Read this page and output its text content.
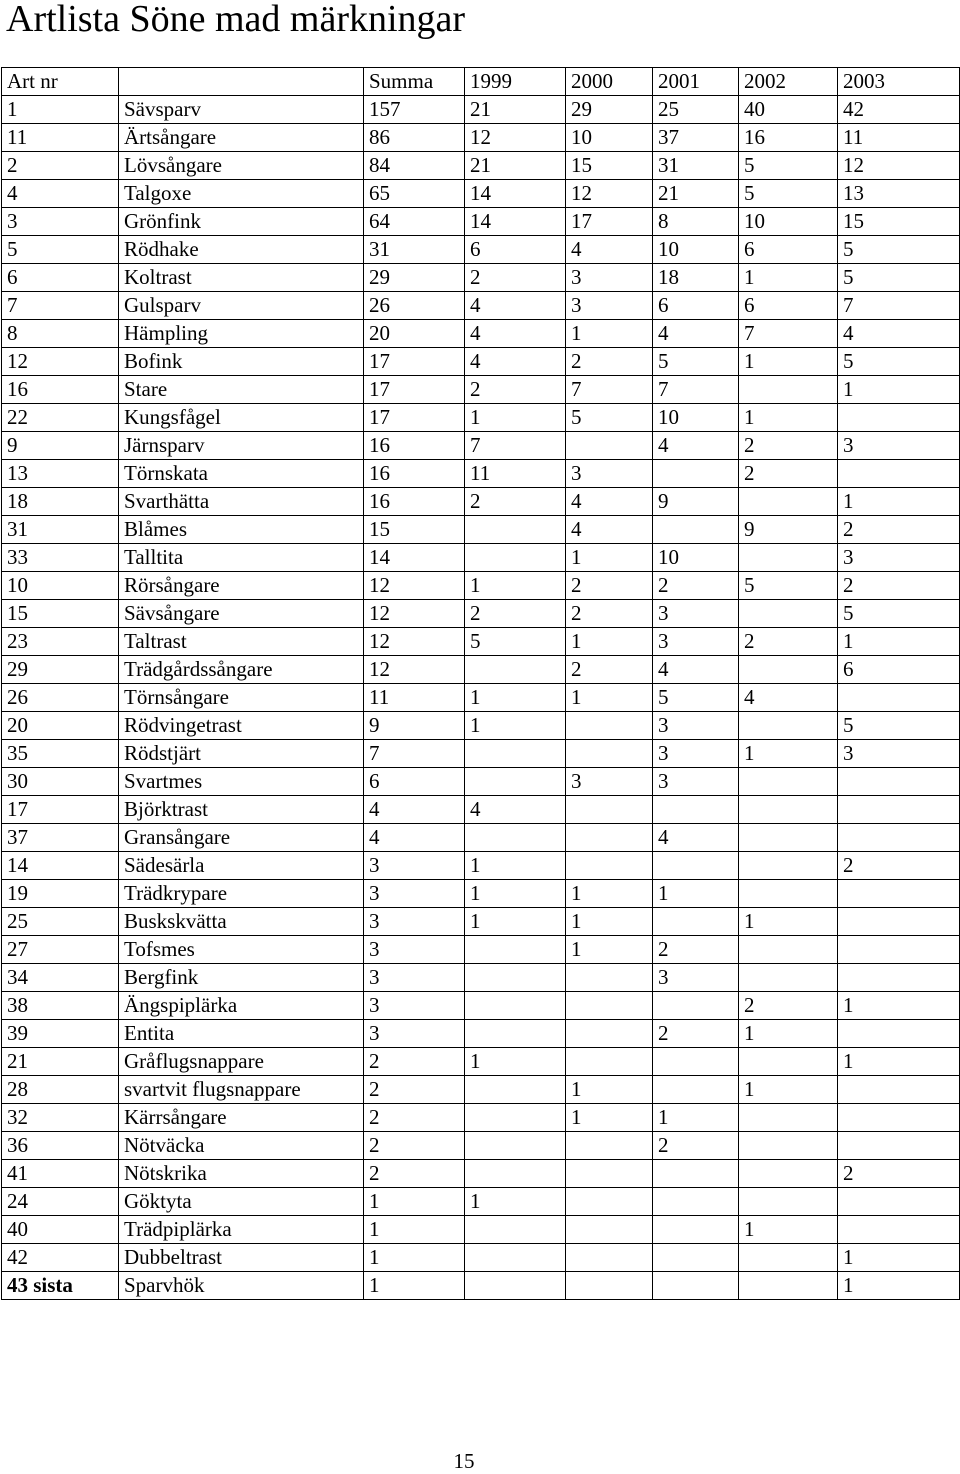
Artlista Söne mad märkningar
Art nr		Summa	1999	2000	2001	2002	2003
1	Sävsparv	157	21	29	25	40	42
11	Ärtsångare	86	12	10	37	16	11
2	Lövsångare	84	21	15	31	5	12
4	Talgoxe	65	14	12	21	5	13
3	Grönfink	64	14	17	8	10	15
5	Rödhake	31	6	4	10	6	5
6	Koltrast	29	2	3	18	1	5
7	Gulsparv	26	4	3	6	6	7
8	Hämpling	20	4	1	4	7	4
12	Bofink	17	4	2	5	1	5
16	Stare	17	2	7	7		1
22	Kungsfågel	17	1	5	10	1	
9	Järnsparv	16	7		4	2	3
13	Törnskata	16	11	3		2	
18	Svarthätta	16	2	4	9		1
31	Blåmes	15		4		9	2
33	Talltita	14		1	10		3
10	Rörsångare	12	1	2	2	5	2
15	Sävsångare	12	2	2	3		5
23	Taltrast	12	5	1	3	2	1
29	Trädgårdssångare	12		2	4		6
26	Törnsångare	11	1	1	5	4	
20	Rödvingetrast	9	1		3		5
35	Rödstjärt	7			3	1	3
30	Svartmes	6		3	3		
17	Björktrast	4	4				
37	Gransångare	4			4		
14	Sädesärla	3	1				2
19	Trädkrypare	3	1	1	1		
25	Buskskvätta	3	1	1		1	
27	Tofsmes	3		1	2		
34	Bergfink	3			3		
38	Ängspiplärka	3				2	1
39	Entita	3			2	1	
21	Gråflugsnappare	2	1				1
28	svartvit flugsnappare	2		1		1	
32	Kärrsångare	2		1	1		
36	Nötväcka	2			2		
41	Nötskrika	2					2
24	Göktyta	1	1				
40	Trädpiplärka	1				1	
42	Dubbeltrast	1					1
43 sista	Sparvhök	1					1
15
